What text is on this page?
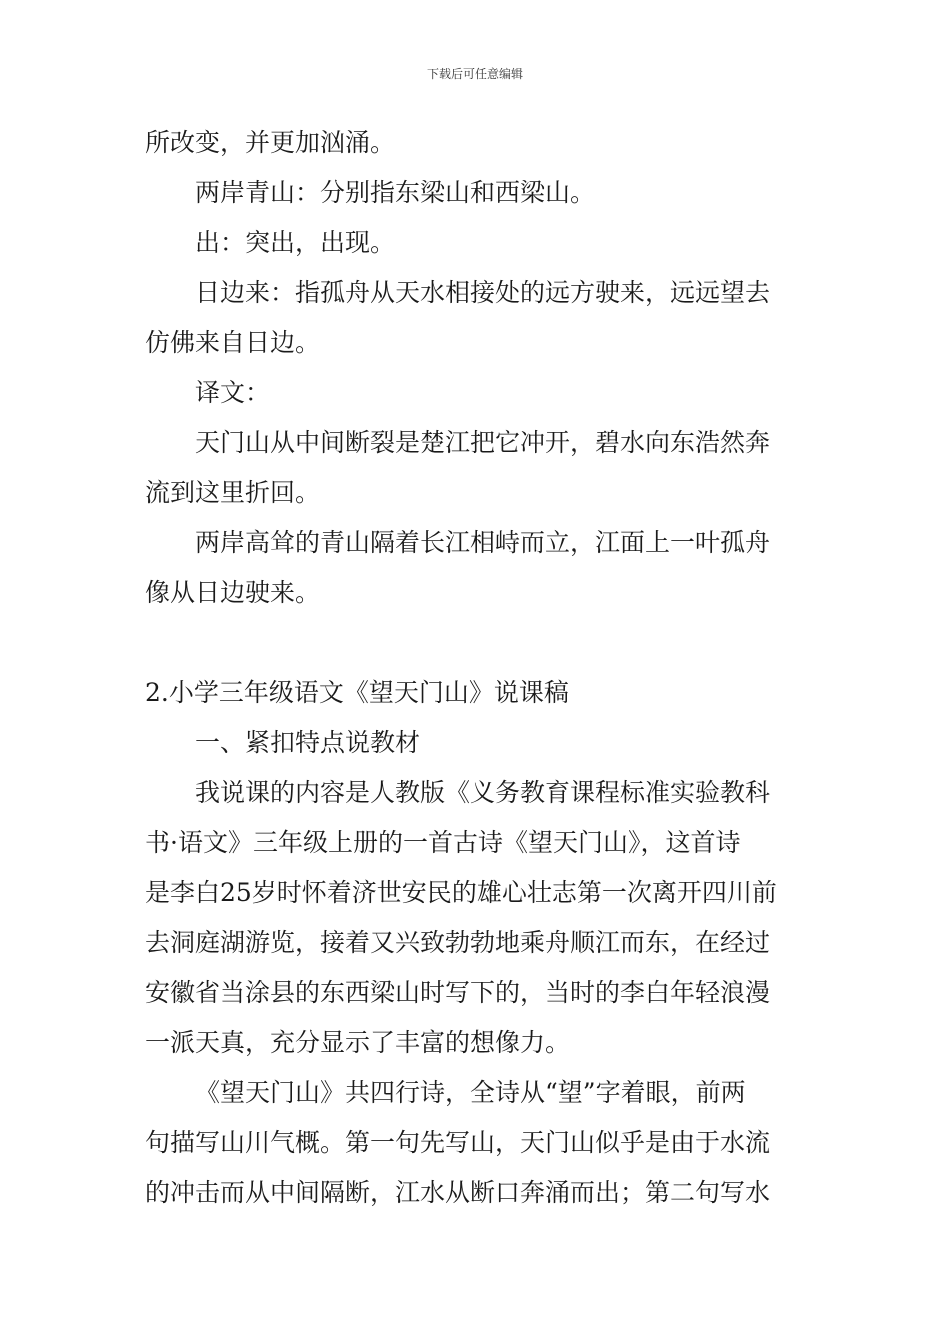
下载后可任意编辑
所改变，并更加汹涌。
两岸青山：分别指东梁山和西梁山。
出：突出，出现。
日边来：指孤舟从天水相接处的远方驶来，远远望去
仿佛来自日边。
译文：
天门山从中间断裂是楚江把它冲开，碧水向东浩然奔
流到这里折回。
两岸高耸的青山隔着长江相峙而立，江面上一叶孤舟
像从日边驶来。
2.小学三年级语文《望天门山》说课稿
一、紧扣特点说教材
我说课的内容是人教版《义务教育课程标准实验教科
书·语文》三年级上册的一首古诗《望天门山》，这首诗
是李白25岁时怀着济世安民的雄心壮志第一次离开四川前
去洞庭湖游览，接着又兴致勃勃地乘舟顺江而东，在经过
安徽省当涂县的东西梁山时写下的，当时的李白年轻浪漫
一派天真，充分显示了丰富的想像力。
《望天门山》共四行诗，全诗从“望”字着眼，前两
句描写山川气概。第一句先写山，天门山似乎是由于水流
的冲击而从中间隔断，江水从断口奔涌而出；第二句写水
